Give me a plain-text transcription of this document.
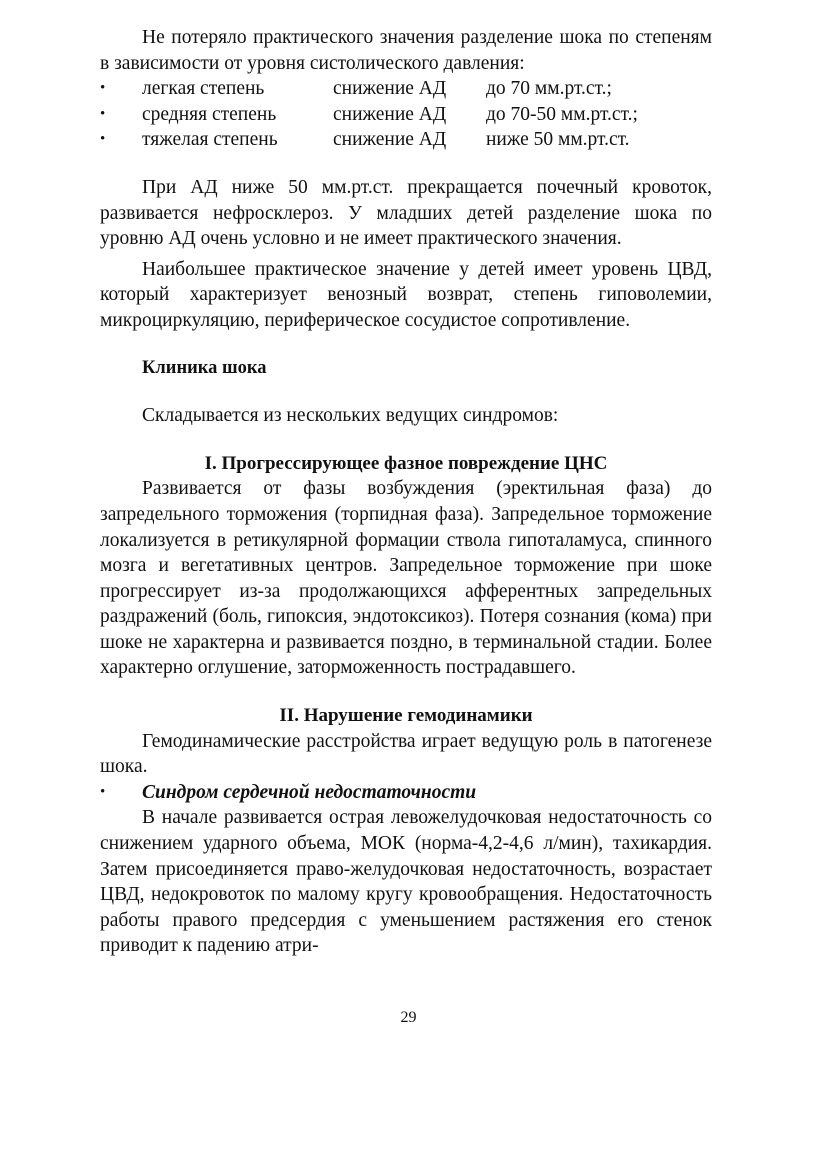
Не потеряло практического значения разделение шока по степеням в зависимости от уровня систолического давления:

• легкая степень	снижение АД до 70 мм.рт.ст.;
• средняя степень	снижение АД до 70-50 мм.рт.ст.;
• тяжелая степень	снижение АД ниже 50 мм.рт.ст.

При АД ниже 50 мм.рт.ст. прекращается почечный кровоток, развивается нефросклероз. У младших детей разделение шока по уровню АД очень условно и не имеет практического значения.

Наибольшее практическое значение у детей имеет уровень ЦВД, который характеризует венозный возврат, степень гиповолемии, микроциркуляцию, периферическое сосудистое сопротивление.

Клиника шока

Складывается из нескольких ведущих синдромов:

I. Прогрессирующее фазное повреждение ЦНС

Развивается от фазы возбуждения (эректильная фаза) до запредельного торможения (торпидная фаза). Запредельное торможение локализуется в ретикулярной формации ствола гипоталамуса, спинного мозга и вегетативных центров. Запредельное торможение при шоке прогрессирует из-за продолжающихся афферентных запредельных раздражений (боль, гипоксия, эндотоксикоз). Потеря сознания (кома) при шоке не характерна и развивается поздно, в терминальной стадии. Более характерно оглушение, заторможенность пострадавшего.

II. Нарушение гемодинамики

Гемодинамические расстройства играет ведущую роль в патогенезе шока.

• Синдром сердечной недостаточности

В начале развивается острая левожелудочковая недостаточность со снижением ударного объема, МОК (норма-4,2-4,6 л/мин), тахикардия. Затем присоединяется право-желудочковая недостаточность, возрастает ЦВД, недокровоток по малому кругу кровообращения. Недостаточность работы правого предсердия с уменьшением растяжения его стенок приводит к падению атри-

29
